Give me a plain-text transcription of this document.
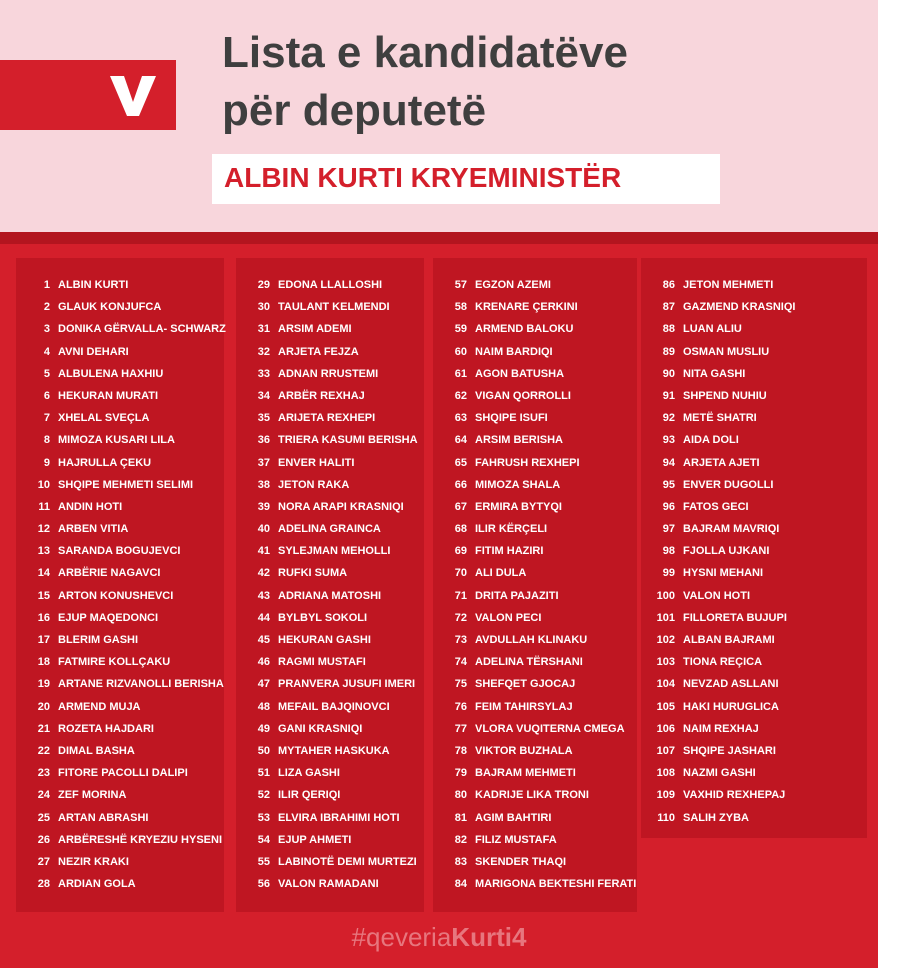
Lista e kandidatëve
për deputetë
ALBIN KURTI KRYEMINISTËR
1 ALBIN KURTI
2 GLAUK KONJUFCA
3 DONIKA GËRVALLA- SCHWARZ
4 AVNI DEHARI
5 ALBULENA HAXHIU
6 HEKURAN MURATI
7 XHELAL SVEÇLA
8 MIMOZA KUSARI LILA
9 HAJRULLA ÇEKU
10 SHQIPE MEHMETI SELIMI
11 ANDIN HOTI
12 ARBEN VITIA
13 SARANDA BOGUJEVCI
14 ARBËRIE NAGAVCI
15 ARTON KONUSHEVCI
16 EJUP MAQEDONCI
17 BLERIM GASHI
18 FATMIRE KOLLÇAKU
19 ARTANE RIZVANOLLI BERISHA
20 ARMEND MUJA
21 ROZETA HAJDARI
22 DIMAL BASHA
23 FITORE PACOLLI DALIPI
24 ZEF MORINA
25 ARTAN ABRASHI
26 ARBËRESHË KRYEZIU HYSENI
27 NEZIR KRAKI
28 ARDIAN GOLA
29 EDONA LLALLOSHI
30 TAULANT KELMENDI
31 ARSIM ADEMI
32 ARJETA FEJZA
33 ADNAN RRUSTEMI
34 ARBËR REXHAJ
35 ARIJETA REXHEPI
36 TRIERA KASUMI BERISHA
37 ENVER HALITI
38 JETON RAKA
39 NORA ARAPI KRASNIQI
40 ADELINA GRAINCA
41 SYLEJMAN MEHOLLI
42 RUFKI SUMA
43 ADRIANA MATOSHI
44 BYLBYL SOKOLI
45 HEKURAN GASHI
46 RAGMI MUSTAFI
47 PRANVERA JUSUFI IMERI
48 MEFAIL BAJQINOVCI
49 GANI KRASNIQI
50 MYTAHER HASKUKA
51 LIZA GASHI
52 ILIR QERIQI
53 ELVIRA IBRAHIMI HOTI
54 EJUP AHMETI
55 LABINOTË DEMI MURTEZI
56 VALON RAMADANI
57 EGZON AZEMI
58 KRENARE ÇERKINI
59 ARMEND BALOKU
60 NAIM BARDIQI
61 AGON BATUSHA
62 VIGAN QORROLLI
63 SHQIPE ISUFI
64 ARSIM BERISHA
65 FAHRUSH REXHEPI
66 MIMOZA SHALA
67 ERMIRA BYTYQI
68 ILIR KËRÇELI
69 FITIM HAZIRI
70 ALI DULA
71 DRITA PAJAZITI
72 VALON PECI
73 AVDULLAH KLINAKU
74 ADELINA TËRSHANI
75 SHEFQET GJOCAJ
76 FEIM TAHIRSYLAJ
77 VLORA VUQITERNA CMEGA
78 VIKTOR BUZHALA
79 BAJRAM MEHMETI
80 KADRIJE LIKA TRONI
81 AGIM BAHTIRI
82 FILIZ MUSTAFA
83 SKENDER THAQI
84 MARIGONA BEKTESHI FERATI
86 JETON MEHMETI
87 GAZMEND KRASNIQI
88 LUAN ALIU
89 OSMAN MUSLIU
90 NITA GASHI
91 SHPEND NUHIU
92 METË SHATRI
93 AIDA DOLI
94 ARJETA AJETI
95 ENVER DUGOLLI
96 FATOS GECI
97 BAJRAM MAVRIQI
98 FJOLLA UJKANI
99 HYSNI MEHANI
100 VALON HOTI
101 FILLORETA BUJUPI
102 ALBAN BAJRAMI
103 TIONA REÇICA
104 NEVZAD ASLLANI
105 HAKI HURUGLICA
106 NAIM REXHAJ
107 SHQIPE JASHARI
108 NAZMI GASHI
109 VAXHID REXHEPAJ
110 SALIH ZYBA
#qeveriaKurti4
